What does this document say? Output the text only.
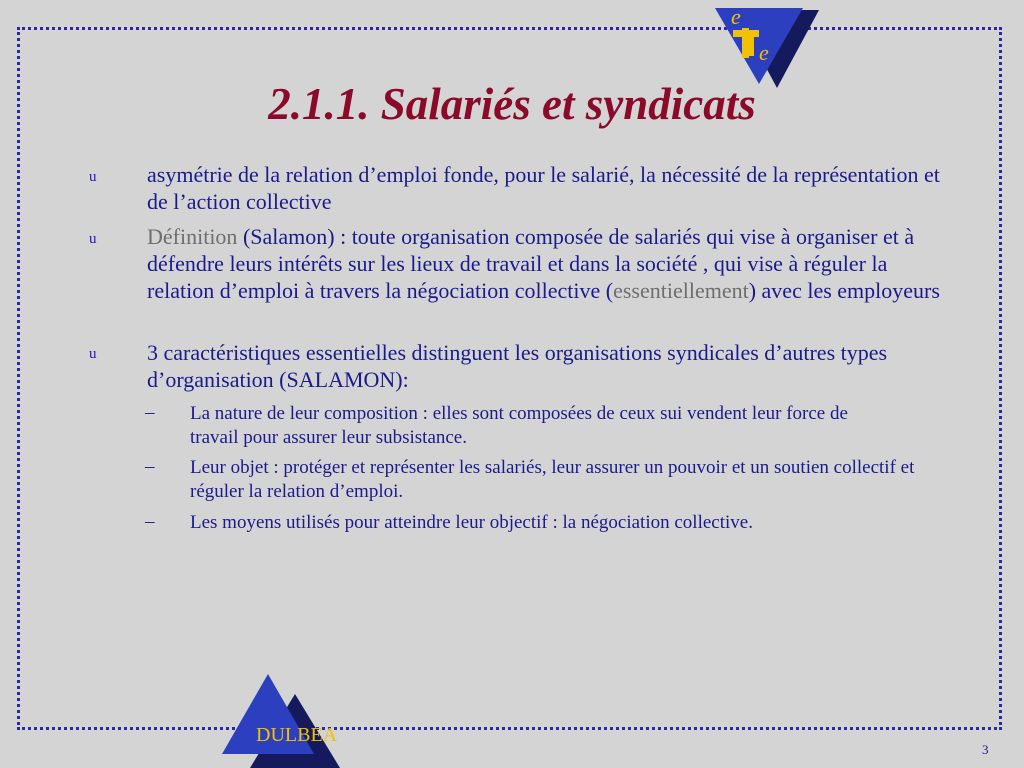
e
e
DULBEA
2.1.1. Salariés et syndicats
u	asymétrie de la relation d’emploi fonde, pour le salarié, la nécessité de la représentation et de l’action collective
u	Définition (Salamon) : toute organisation composée de salariés qui vise à organiser et à défendre leurs intérêts sur les lieux de travail et dans la société , qui vise à réguler la relation d’emploi à travers la négociation collective (essentiellement) avec les employeurs
u	3 caractéristiques essentielles distinguent les organisations syndicales d’autres types d’organisation (SALAMON):
– La nature de leur composition : elles sont composées de ceux sui vendent leur force de travail pour assurer leur subsistance.
– Leur objet : protéger et représenter les salariés, leur assurer un pouvoir et un soutien collectif et réguler la relation d’emploi.
– Les moyens utilisés pour atteindre leur objectif : la négociation collective.
3
